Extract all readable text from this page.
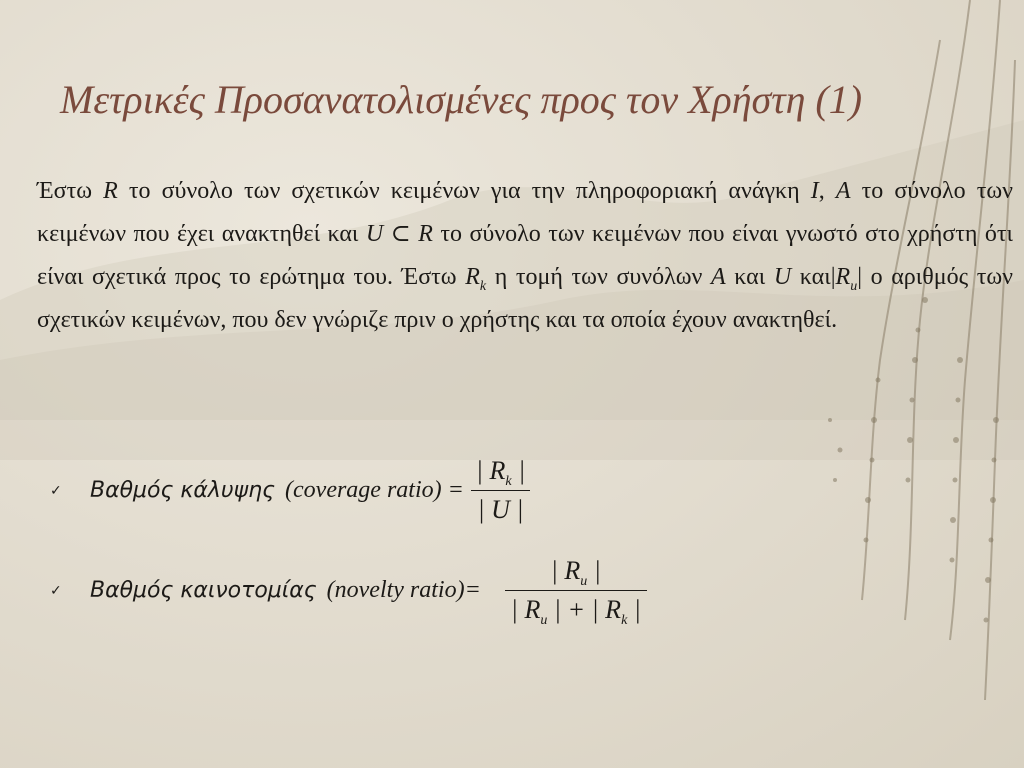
Μετρικές Προσανατολισμένες προς τον Χρήστη (1)
Έστω R το σύνολο των σχετικών κειμένων για την πληροφοριακή ανάγκη I, A το σύνολο των κειμένων που έχει ανακτηθεί και U ⊂ R το σύνολο των κειμένων που είναι γνωστό στο χρήστη ότι είναι σχετικά προς το ερώτημα του. Έστω $R_k$ η τομή των συνόλων A και U $\kappa\alpha\iota|R_u|$ ο αριθμός των σχετικών κειμένων, που δεν γνώριζε πριν ο χρήστης και τα οποία έχουν ανακτηθεί.
✓	Βαθμός κάλυψης (coverage ratio) = $\frac{| R_k |}{| U |}$
✓	Βαθμός καινοτομίας (novelty ratio)= $\frac{| R_u |}{| R_u | + | R_k |}$
